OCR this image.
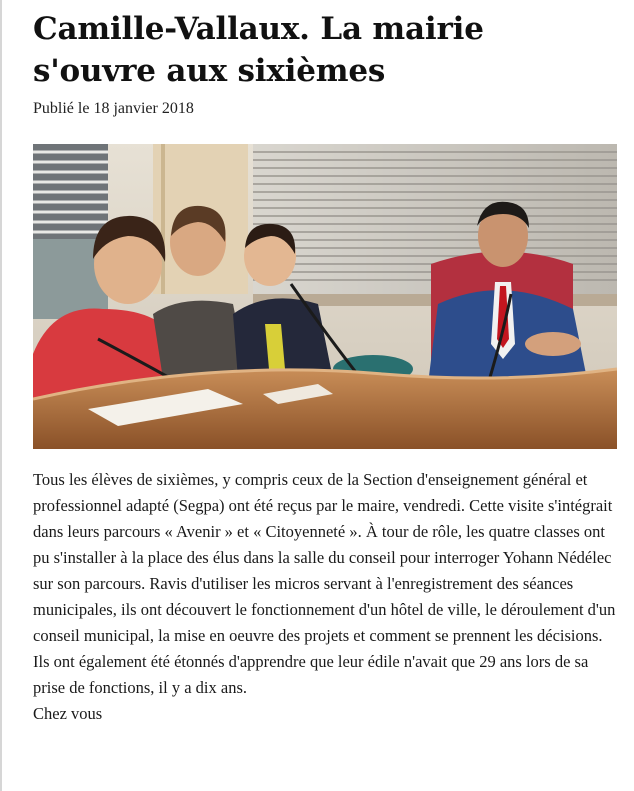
Camille-Vallaux. La mairie s'ouvre aux sixièmes
Publié le 18 janvier 2018
Tous les élèves de sixièmes, y compris ceux de la Section d'enseignement général et professionnel adapté (Segpa) ont été reçus par le maire, vendredi. Cette visite s'intégrait dans leurs parcours « Avenir » et « Citoyenneté ». À tour de rôle, les quatre classes ont pu s'installer à la place des élus dans la salle du conseil pour interroger Yohann Nédélec sur son parcours. Ravis d'utiliser les micros servant à l'enregistrement des séances municipales, ils ont découvert le fonctionnement d'un hôtel de ville, le déroulement d'un conseil municipal, la mise en oeuvre des projets et comment se prennent les décisions. Ils ont également été étonnés d'apprendre que leur édile n'avait que 29 ans lors de sa prise de fonctions, il y a dix ans.
Chez vous
